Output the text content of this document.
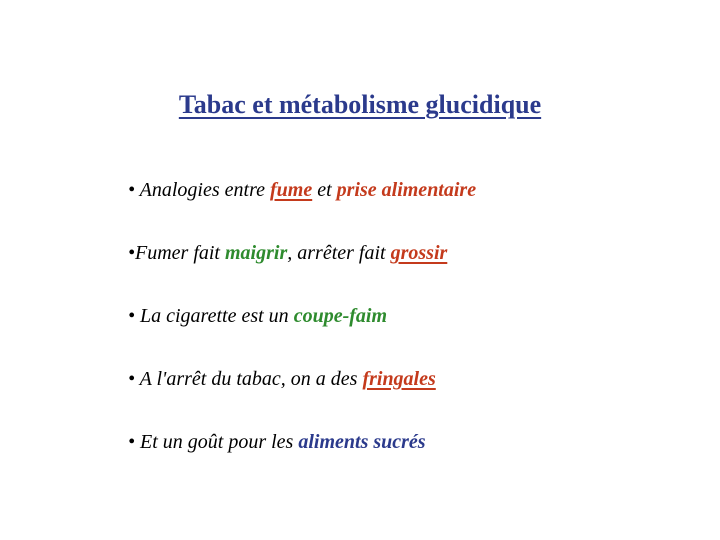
Tabac et métabolisme glucidique
• Analogies entre fume et prise alimentaire
•Fumer fait maigrir, arrêter fait grossir
• La cigarette est un coupe-faim
• A l'arrêt du tabac, on a des fringales
• Et un goût pour les aliments sucrés
